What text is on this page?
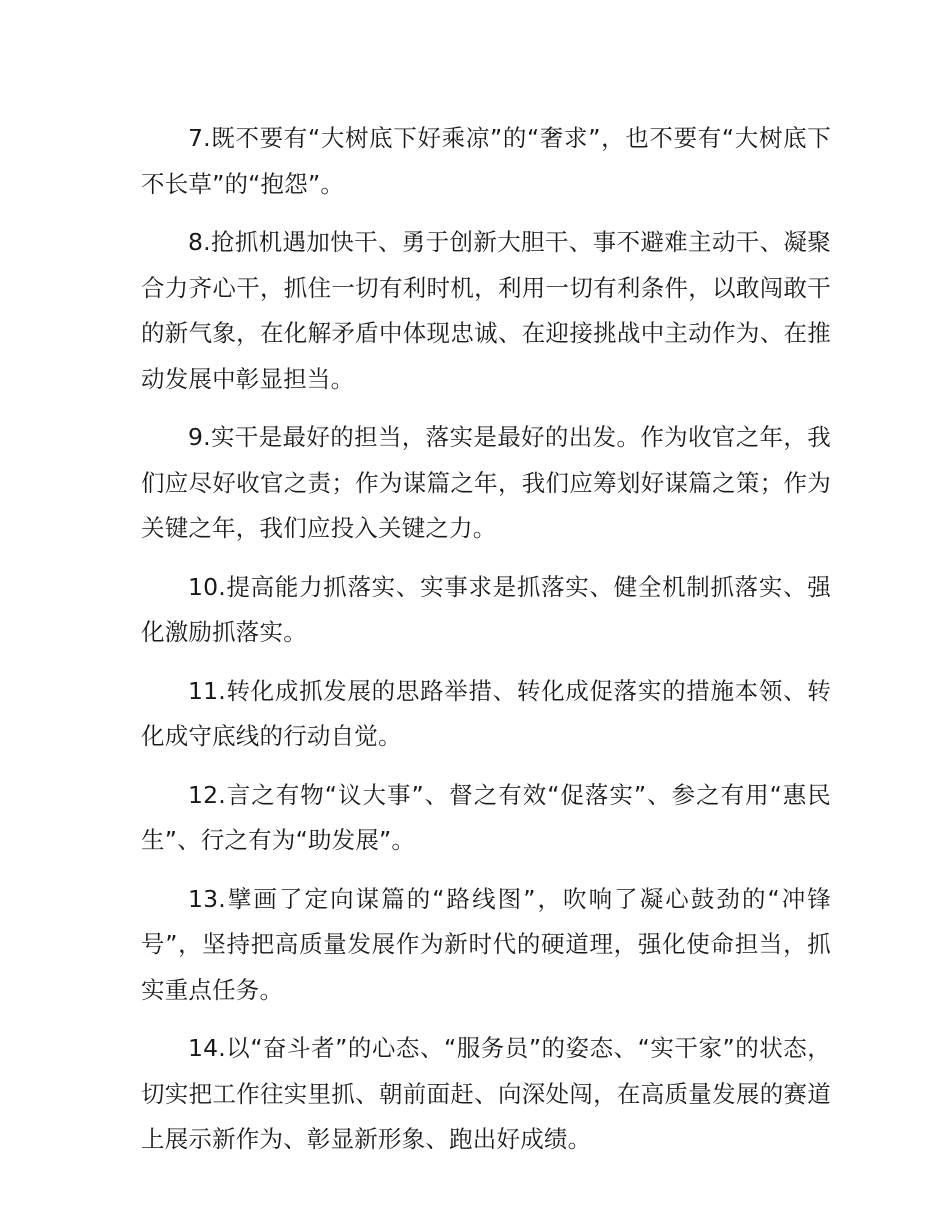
7.既不要有“大树底下好乘凉”的“奢求”，也不要有“大树底下不长草”的“抱怨”。

8.抢抓机遇加快干、勇于创新大胆干、事不避难主动干、凝聚合力齐心干，抓住一切有利时机，利用一切有利条件，以敢闯敢干的新气象，在化解矛盾中体现忠诚、在迎接挑战中主动作为、在推动发展中彰显担当。

9.实干是最好的担当，落实是最好的出发。作为收官之年，我们应尽好收官之责；作为谋篇之年，我们应筹划好谋篇之策；作为关键之年，我们应投入关键之力。

10.提高能力抓落实、实事求是抓落实、健全机制抓落实、强化激励抓落实。

11.转化成抓发展的思路举措、转化成促落实的措施本领、转化成守底线的行动自觉。

12.言之有物“议大事”、督之有效“促落实”、参之有用“惠民生”、行之有为“助发展”。

13.擘画了定向谋篇的“路线图”，吹响了凝心鼓劲的“冲锋号”，坚持把高质量发展作为新时代的硬道理，强化使命担当，抓实重点任务。

14.以“奋斗者”的心态、“服务员”的姿态、“实干家”的状态，切实把工作往实里抓、朝前面赶、向深处闯，在高质量发展的赛道上展示新作为、彰显新形象、跑出好成绩。
